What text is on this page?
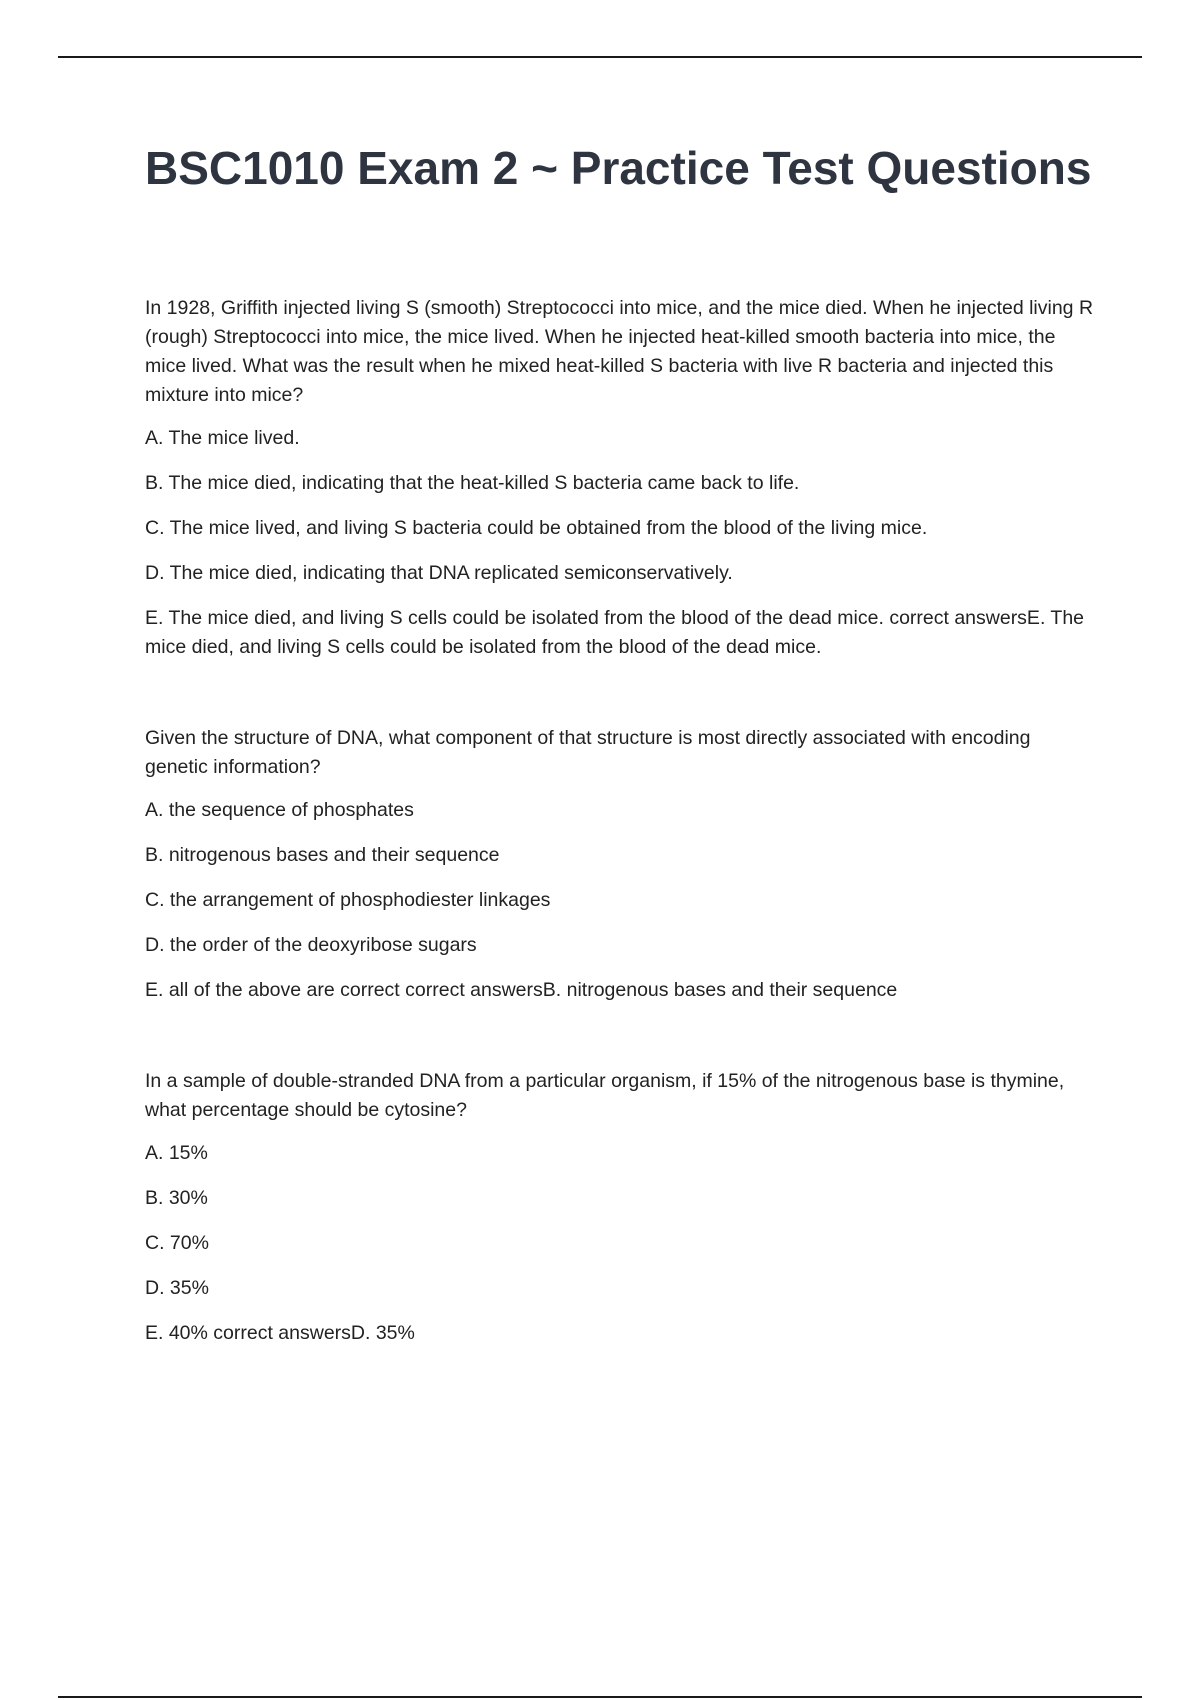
BSC1010 Exam 2 ~ Practice Test Questions

In 1928, Griffith injected living S (smooth) Streptococci into mice, and the mice died. When he injected living R (rough) Streptococci into mice, the mice lived. When he injected heat-killed smooth bacteria into mice, the mice lived. What was the result when he mixed heat-killed S bacteria with live R bacteria and injected this mixture into mice?

A. The mice lived.

B. The mice died, indicating that the heat-killed S bacteria came back to life.

C. The mice lived, and living S bacteria could be obtained from the blood of the living mice.

D. The mice died, indicating that DNA replicated semiconservatively.

E. The mice died, and living S cells could be isolated from the blood of the dead mice. correct answersE. The mice died, and living S cells could be isolated from the blood of the dead mice.

Given the structure of DNA, what component of that structure is most directly associated with encoding genetic information?

A. the sequence of phosphates

B. nitrogenous bases and their sequence

C. the arrangement of phosphodiester linkages

D. the order of the deoxyribose sugars

E. all of the above are correct correct answersB. nitrogenous bases and their sequence

In a sample of double-stranded DNA from a particular organism, if 15% of the nitrogenous base is thymine, what percentage should be cytosine?

A. 15%

B. 30%

C. 70%

D. 35%

E. 40% correct answersD. 35%
